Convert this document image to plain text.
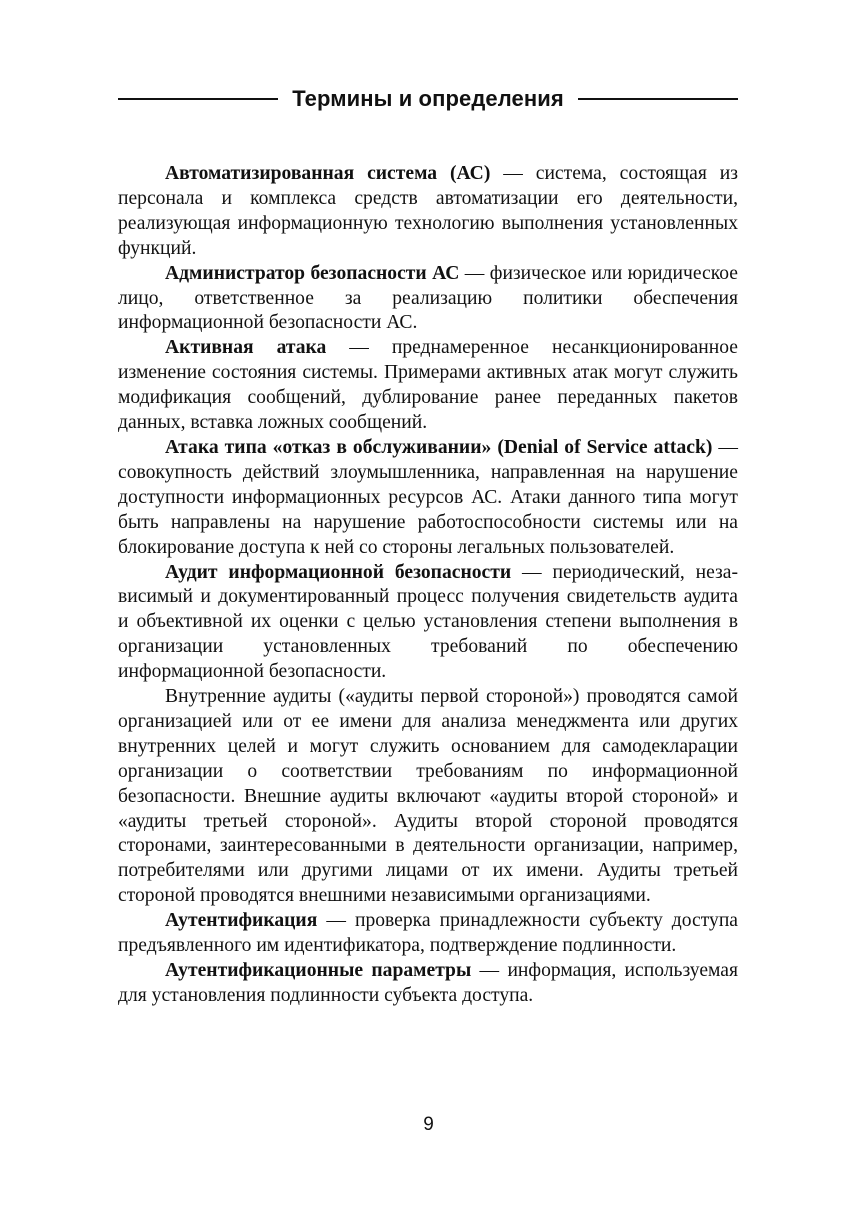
Термины и определения

Автоматизированная система (АС) — система, состоящая из персонала и комплекса средств автоматизации его деятельности, реализующая информационную технологию выполнения установленных функций.

Администратор безопасности АС — физическое или юридическое лицо, ответственное за реализацию политики обеспечения информационной безопасности АС.

Активная атака — преднамеренное несанкционированное изменение состояния системы. Примерами активных атак могут служить модификация сообщений, дублирование ранее переданных пакетов данных, вставка ложных сообщений.

Атака типа «отказ в обслуживании» (Denial of Service attack) — совокупность действий злоумышленника, направленная на нарушение доступности информационных ресурсов АС. Атаки данного типа могут быть направлены на нарушение работоспособности системы или на блокирование доступа к ней со стороны легальных пользователей.

Аудит информационной безопасности — периодический, независимый и документированный процесс получения свидетельств аудита и объективной их оценки с целью установления степени выполнения в организации установленных требований по обеспечению информационной безопасности.

Внутренние аудиты («аудиты первой стороной») проводятся самой организацией или от ее имени для анализа менеджмента или других внутренних целей и могут служить основанием для самодекларации организации о соответствии требованиям по информационной безопасности. Внешние аудиты включают «аудиты второй стороной» и «аудиты третьей стороной». Аудиты второй стороной проводятся сторонами, заинтересованными в деятельности организации, например, потребителями или другими лицами от их имени. Аудиты третьей стороной проводятся внешними независимыми организациями.

Аутентификация — проверка принадлежности субъекту доступа предъявленного им идентификатора, подтверждение подлинности.

Аутентификационные параметры — информация, используемая для установления подлинности субъекта доступа.

9
